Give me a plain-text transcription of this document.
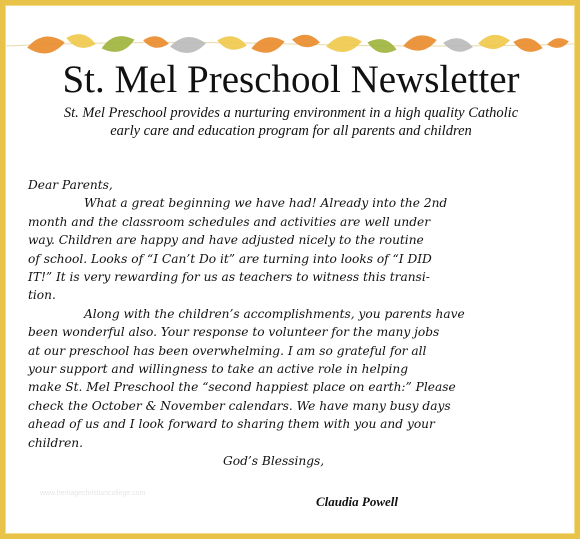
St. Mel Preschool Newsletter
St. Mel Preschool provides a nurturing environment in a high quality Catholic
early care and education program for all parents and children
Dear Parents,
What a great beginning we have had! Already into the 2nd
month and the classroom schedules and activities are well under
way. Children are happy and have adjusted nicely to the routine
of school. Looks of “I Can’t Do it” are turning into looks of “I DID
IT!” It is very rewarding for us as teachers to witness this transi-
tion.
Along with the children’s accomplishments, you parents have
been wonderful also. Your response to volunteer for the many jobs
at our preschool has been overwhelming. I am so grateful for all
your support and willingness to take an active role in helping
make St. Mel Preschool the “second happiest place on earth:” Please
check the October & November calendars. We have many busy days
ahead of us and I look forward to sharing them with you and your
children.
God’s Blessings,
www.heritagechristiancollege.com
Claudia Powell
